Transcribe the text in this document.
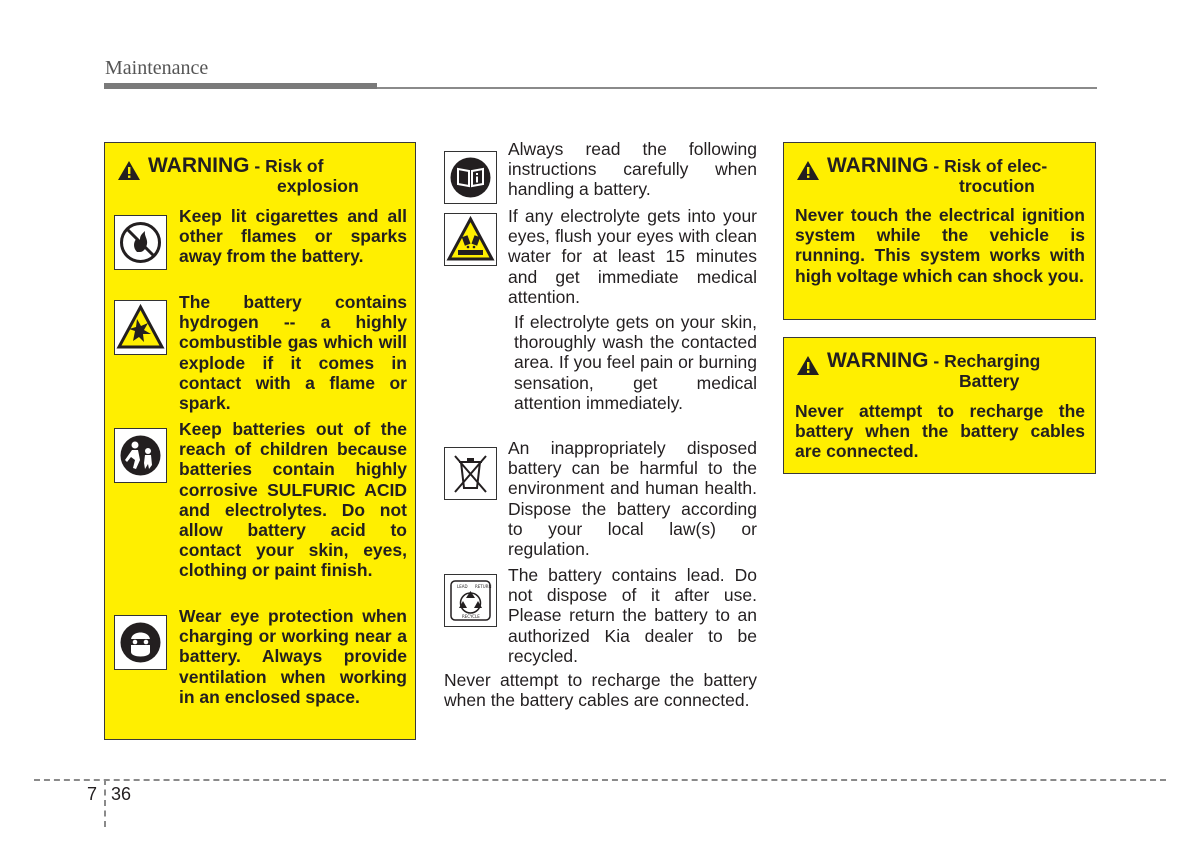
Maintenance
WARNING - Risk of
explosion
Keep lit cigarettes and all other flames or sparks away from the battery.
The battery contains hydrogen -- a highly combustible gas which will explode if it comes in contact with a flame or spark.
Keep batteries out of the reach of children because batteries contain highly corrosive SULFURIC ACID and electrolytes. Do not allow battery acid to contact your skin, eyes, clothing or paint finish.
Wear eye protection when charging or working near a battery. Always provide ventilation when working in an enclosed space.
Always read the following instructions carefully when handling a battery.
If any electrolyte gets into your eyes, flush your eyes with clean water for at least 15 minutes and get immediate medical attention.
If electrolyte gets on your skin, thoroughly wash the contacted area. If you feel pain or burning sensation, get medical attention immediately.
An inappropriately disposed battery can be harmful to the environment and human health. Dispose the battery according to your local law(s) or regulation.
LEAD RETURN
RECYCLE
The battery contains lead. Do not dispose of it after use. Please return the battery to an authorized Kia dealer to be recycled.
Never attempt to recharge the battery when the battery cables are connected.
WARNING - Risk of elec-
trocution
Never touch the electrical ignition system while the vehicle is running. This system works with high voltage which can shock you.
WARNING - Recharging
Battery
Never attempt to recharge the battery when the battery cables are connected.
7 36
